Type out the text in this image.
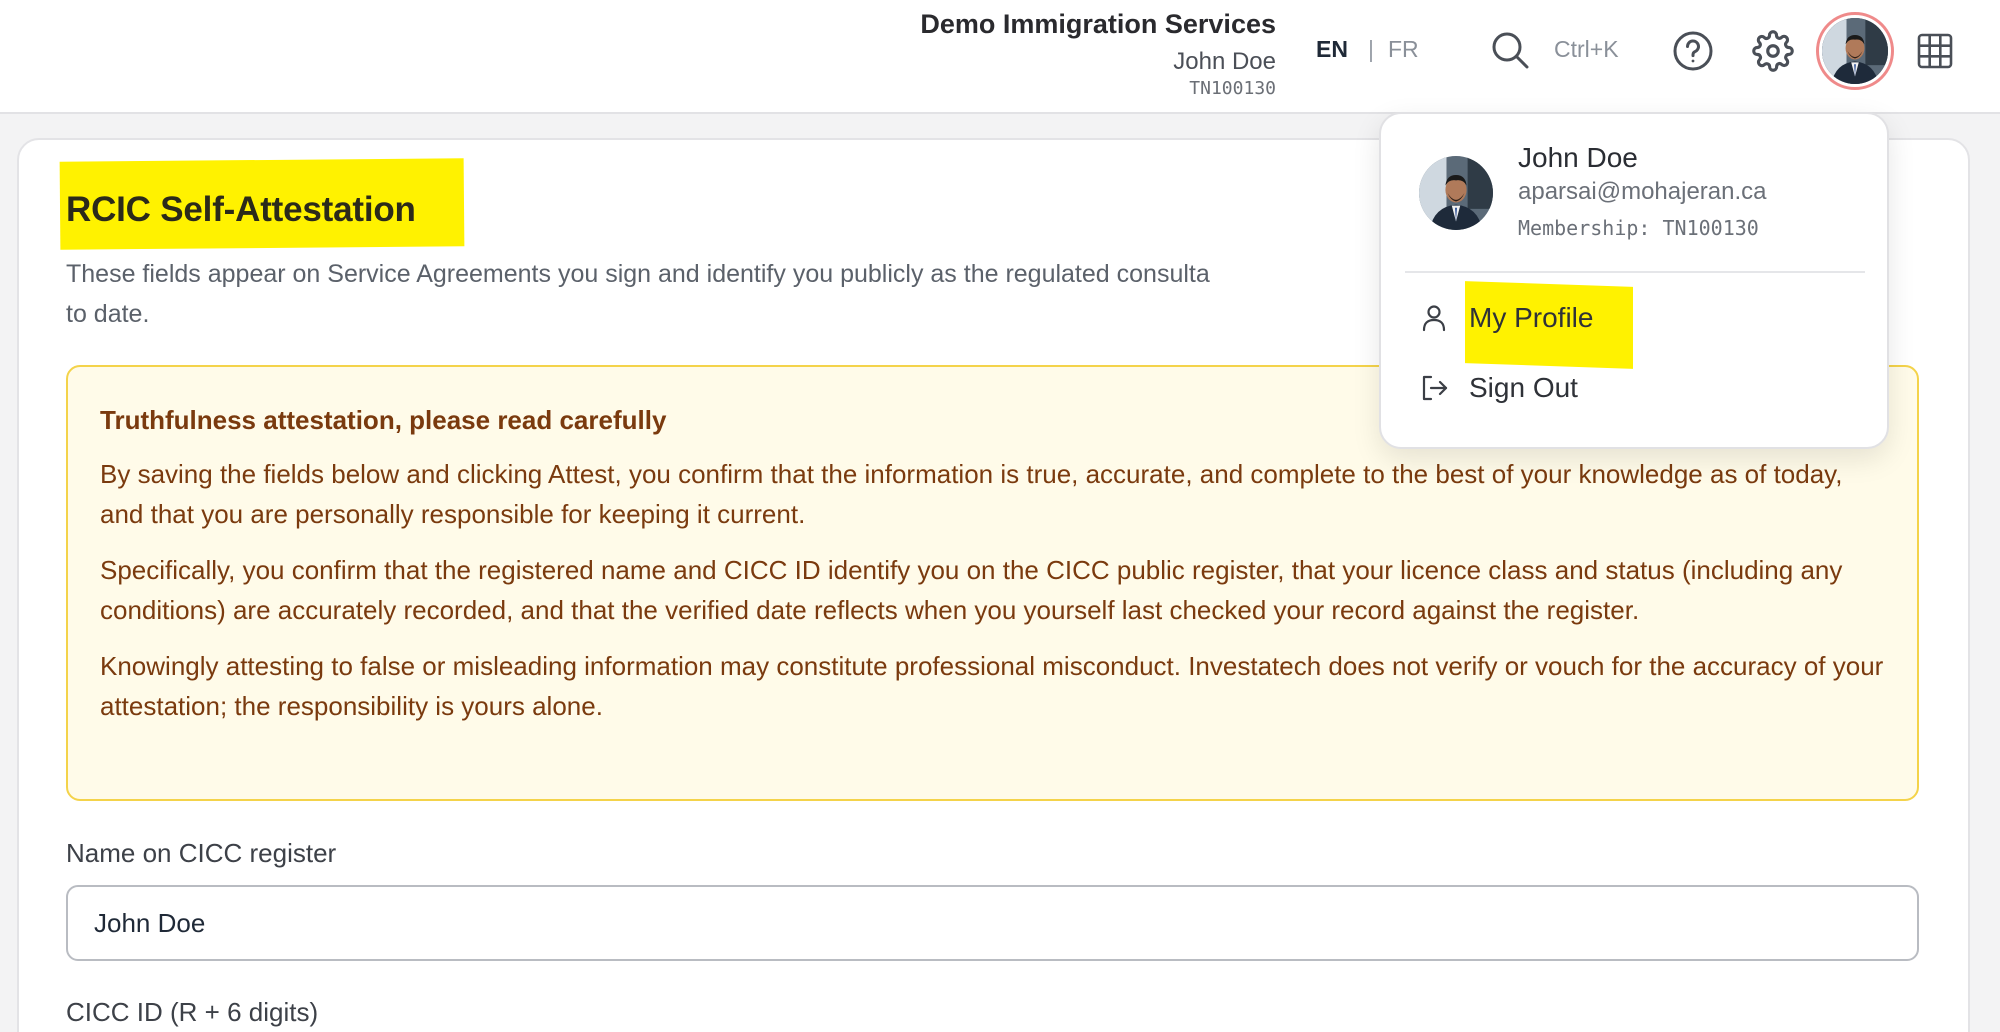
Demo Immigration Services
John Doe
TN100130
EN | FR	Ctrl+K
RCIC Self-Attestation
These fields appear on Service Agreements you sign and identify you publicly as the regulated consulta
to date.
Truthfulness attestation, please read carefully

By saving the fields below and clicking Attest, you confirm that the information is true, accurate, and complete to the best of your knowledge as of today, and that you are personally responsible for keeping it current.

Specifically, you confirm that the registered name and CICC ID identify you on the CICC public register, that your licence class and status (including any conditions) are accurately recorded, and that the verified date reflects when you yourself last checked your record against the register.

Knowingly attesting to false or misleading information may constitute professional misconduct. Investatech does not verify or vouch for the accuracy of your attestation; the responsibility is yours alone.

Name on CICC register
John Doe
CICC ID (R + 6 digits)
John Doe
aparsai@mohajeran.ca
Membership: TN100130
My Profile
Sign Out
